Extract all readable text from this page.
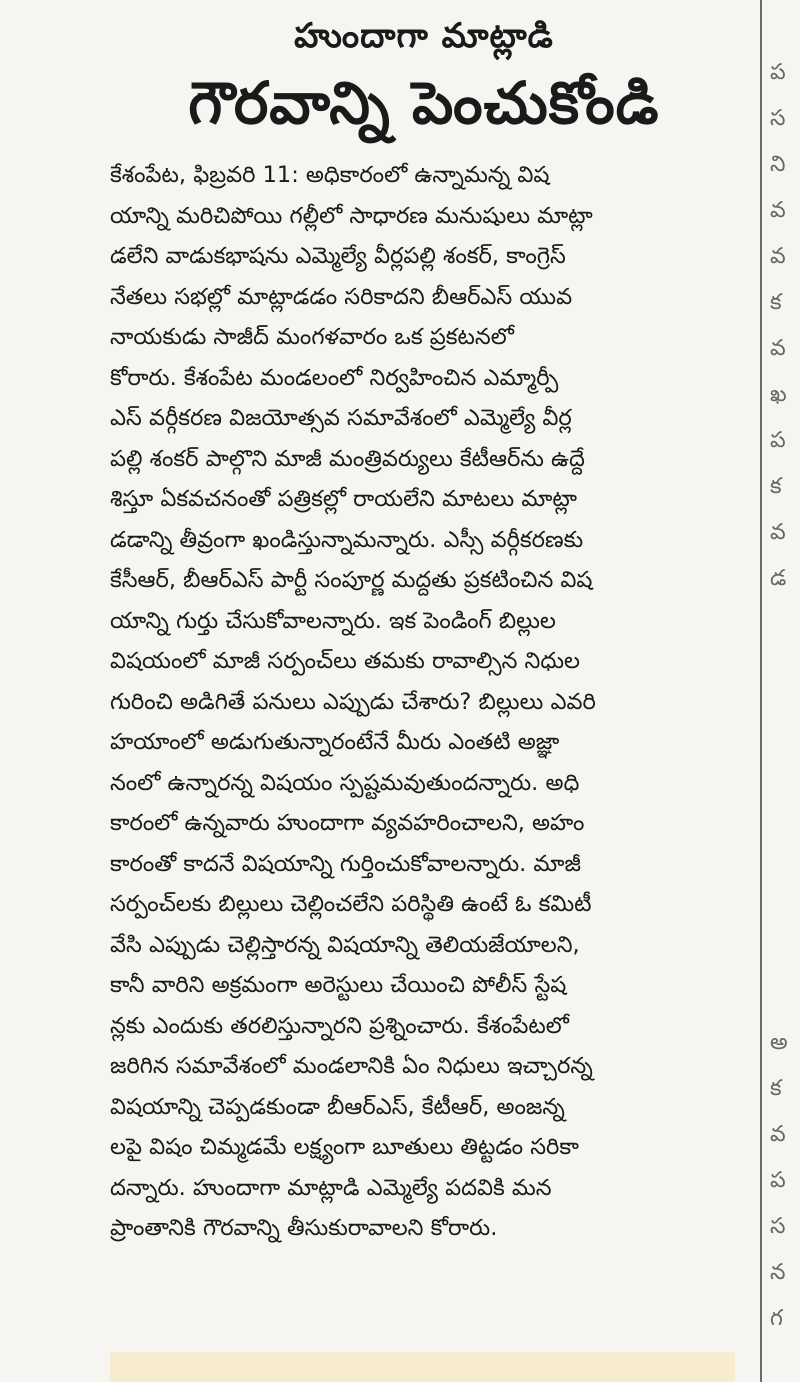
హుందాగా మాట్లాడి
గౌరవాన్ని పెంచుకోండి
కేశంపేట, ఫిబ్రవరి 11: అధికారంలో ఉన్నామన్న విష
యాన్ని మరిచిపోయి గల్లీలో సాధారణ మనుషులు మాట్లా
డలేని వాడుకభాషను ఎమ్మెల్యే వీర్లపల్లి శంకర్, కాంగ్రెస్
నేతలు సభల్లో మాట్లాడడం సరికాదని బీఆర్ఎస్ యువ
నాయకుడు సాజీద్ మంగళవారం ఒక ప్రకటనలో
కోరారు. కేశంపేట మండలంలో నిర్వహించిన ఎమ్మార్పీ
ఎస్ వర్గీకరణ విజయోత్సవ సమావేశంలో ఎమ్మెల్యే వీర్ల
పల్లి శంకర్ పాల్గొని మాజీ మంత్రివర్యులు కేటీఆర్‌ను ఉద్దే
శిస్తూ ఏకవచనంతో పత్రికల్లో రాయలేని మాటలు మాట్లా
డడాన్ని తీవ్రంగా ఖండిస్తున్నామన్నారు. ఎస్సీ వర్గీకరణకు
కేసీఆర్, బీఆర్ఎస్ పార్టీ సంపూర్ణ మద్దతు ప్రకటించిన విష
యాన్ని గుర్తు చేసుకోవాలన్నారు. ఇక పెండింగ్ బిల్లుల
విషయంలో మాజీ సర్పంచ్‌లు తమకు రావాల్సిన నిధుల
గురించి అడిగితే పనులు ఎప్పుడు చేశారు? బిల్లులు ఎవరి
హయాంలో అడుగుతున్నారంటేనే మీరు ఎంతటి అజ్ఞా
నంలో ఉన్నారన్న విషయం స్పష్టమవుతుందన్నారు. అధి
కారంలో ఉన్నవారు హుందాగా వ్యవహరించాలని, అహం
కారంతో కాదనే విషయాన్ని గుర్తించుకోవాలన్నారు. మాజీ
సర్పంచ్‌లకు బిల్లులు చెల్లించలేని పరిస్థితి ఉంటే ఓ కమిటీ
వేసి ఎప్పుడు చెల్లిస్తారన్న విషయాన్ని తెలియజేయాలని,
కానీ వారిని అక్రమంగా అరెస్టులు చేయించి పోలీస్ స్టేష
న్లకు ఎందుకు తరలిస్తున్నారని ప్రశ్నించారు. కేశంపేటలో
జరిగిన సమావేశంలో మండలానికి ఏం నిధులు ఇచ్చారన్న
విషయాన్ని చెప్పడకుండా బీఆర్ఎస్, కేటీఆర్, అంజన్న
లపై విషం చిమ్మడమే లక్ష్యంగా బూతులు తిట్టడం సరికా
దన్నారు. హుందాగా మాట్లాడి ఎమ్మెల్యే పదవికి మన
ప్రాంతానికి గౌరవాన్ని తీసుకురావాలని కోరారు.
ప
స
ని
వ
వ
క
వ
ఖ
ప
క
వ
డ
అ
క
వ
ప
స
న
గ
